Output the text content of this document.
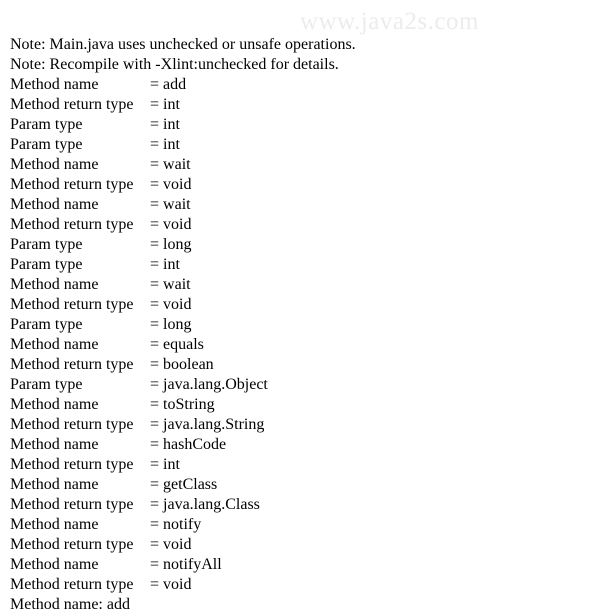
www.java2s.com
Note: Main.java uses unchecked or unsafe operations.
Note: Recompile with -Xlint:unchecked for details.
Method name	= add
Method return type = int
Param type	= int
Param type	= int
Method name	= wait
Method return type = void
Method name	= wait
Method return type = void
Param type	= long
Param type	= int
Method name	= wait
Method return type = void
Param type	= long
Method name	= equals
Method return type = boolean
Param type	= java.lang.Object
Method name	= toString
Method return type = java.lang.String
Method name	= hashCode
Method return type = int
Method name	= getClass
Method return type = java.lang.Class
Method name	= notify
Method return type = void
Method name	= notifyAll
Method return type = void
Method name: add
